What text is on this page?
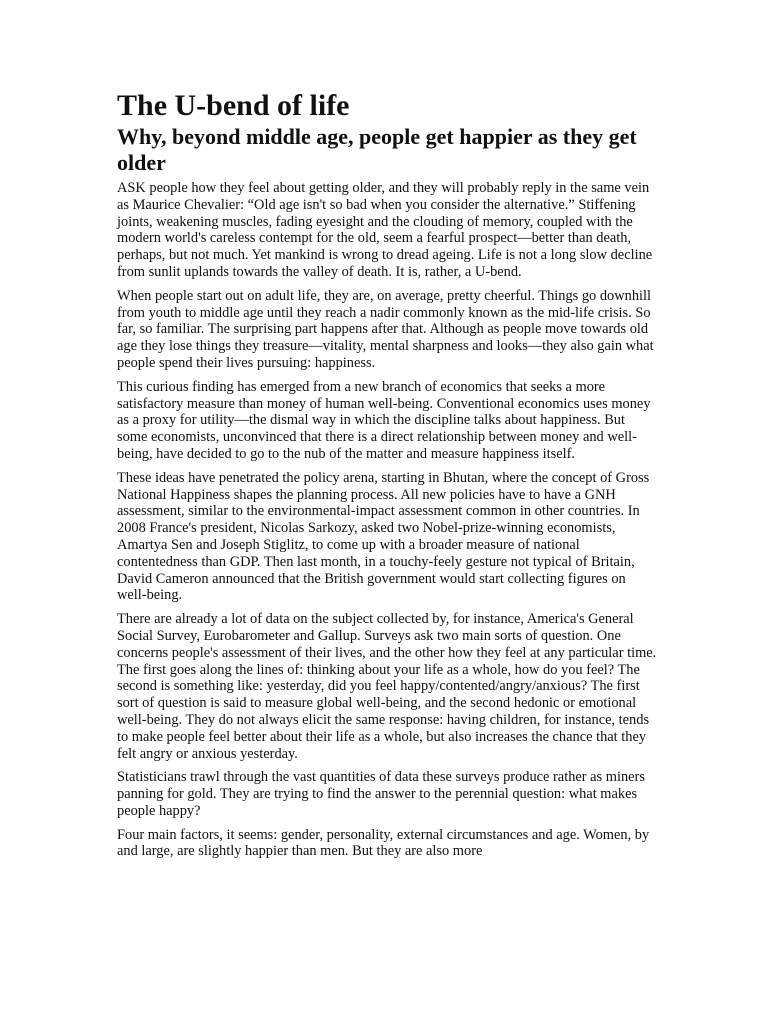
The U-bend of life
Why, beyond middle age, people get happier as they get older

ASK people how they feel about getting older, and they will probably reply in the same vein as Maurice Chevalier: “Old age isn't so bad when you consider the alternative.” Stiffening joints, weakening muscles, fading eyesight and the clouding of memory, coupled with the modern world's careless contempt for the old, seem a fearful prospect—better than death, perhaps, but not much. Yet mankind is wrong to dread ageing. Life is not a long slow decline from sunlit uplands towards the valley of death. It is, rather, a U-bend.

When people start out on adult life, they are, on average, pretty cheerful. Things go downhill from youth to middle age until they reach a nadir commonly known as the mid-life crisis. So far, so familiar. The surprising part happens after that. Although as people move towards old age they lose things they treasure—vitality, mental sharpness and looks—they also gain what people spend their lives pursuing: happiness.

This curious finding has emerged from a new branch of economics that seeks a more satisfactory measure than money of human well-being. Conventional economics uses money as a proxy for utility—the dismal way in which the discipline talks about happiness. But some economists, unconvinced that there is a direct relationship between money and well-being, have decided to go to the nub of the matter and measure happiness itself.

These ideas have penetrated the policy arena, starting in Bhutan, where the concept of Gross National Happiness shapes the planning process. All new policies have to have a GNH assessment, similar to the environmental-impact assessment common in other countries. In 2008 France's president, Nicolas Sarkozy, asked two Nobel-prize-winning economists, Amartya Sen and Joseph Stiglitz, to come up with a broader measure of national contentedness than GDP. Then last month, in a touchy-feely gesture not typical of Britain, David Cameron announced that the British government would start collecting figures on well-being.

There are already a lot of data on the subject collected by, for instance, America's General Social Survey, Eurobarometer and Gallup. Surveys ask two main sorts of question. One concerns people's assessment of their lives, and the other how they feel at any particular time. The first goes along the lines of: thinking about your life as a whole, how do you feel? The second is something like: yesterday, did you feel happy/contented/angry/anxious? The first sort of question is said to measure global well-being, and the second hedonic or emotional well-being. They do not always elicit the same response: having children, for instance, tends to make people feel better about their life as a whole, but also increases the chance that they felt angry or anxious yesterday.

Statisticians trawl through the vast quantities of data these surveys produce rather as miners panning for gold. They are trying to find the answer to the perennial question: what makes people happy?

Four main factors, it seems: gender, personality, external circumstances and age. Women, by and large, are slightly happier than men. But they are also more
